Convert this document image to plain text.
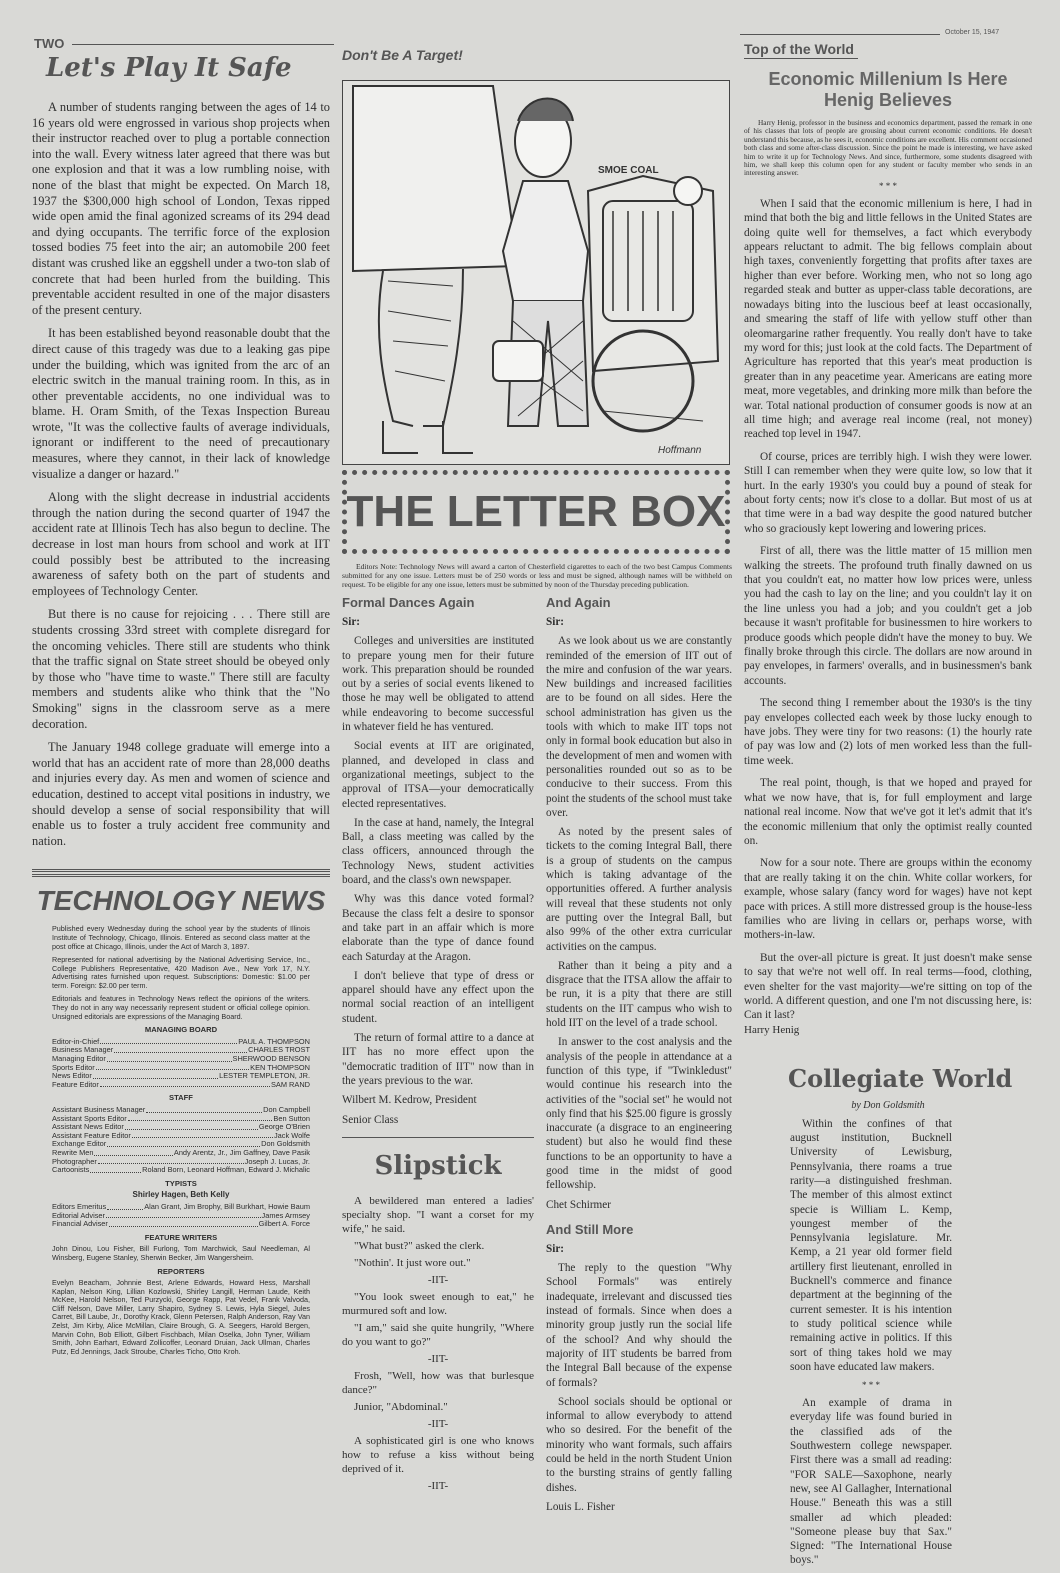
TWO
October 15, 1947
Let's Play It Safe

A number of students ranging between the ages of 14 to 16 years old were engrossed in various shop projects when their instructor reached over to plug a portable connection into the wall. Every witness later agreed that there was but one explosion and that it was a low rumbling noise, with none of the blast that might be expected. On March 18, 1937 the $300,000 high school of London, Texas ripped wide open amid the final agonized screams of its 294 dead and dying occupants. The terrific force of the explosion tossed bodies 75 feet into the air; an automobile 200 feet distant was crushed like an eggshell under a two-ton slab of concrete that had been hurled from the building. This preventable accident resulted in one of the major disasters of the present century.

It has been established beyond reasonable doubt that the direct cause of this tragedy was due to a leaking gas pipe under the building, which was ignited from the arc of an electric switch in the manual training room. In this, as in other preventable accidents, no one individual was to blame. H. Oram Smith, of the Texas Inspection Bureau wrote, "It was the collective faults of average individuals, ignorant or indifferent to the need of precautionary measures, where they cannot, in their lack of knowledge visualize a danger or hazard."

Along with the slight decrease in industrial accidents through the nation during the second quarter of 1947 the accident rate at Illinois Tech has also begun to decline. The decrease in lost man hours from school and work at IIT could possibly best be attributed to the increasing awareness of safety both on the part of students and employees of Technology Center.

But there is no cause for rejoicing . . . There still are students crossing 33rd street with complete disregard for the oncoming vehicles. There still are students who think that the traffic signal on State street should be obeyed only by those who "have time to waste." There still are faculty members and students alike who think that the "No Smoking" signs in the classroom serve as a mere decoration.

The January 1948 college graduate will emerge into a world that has an accident rate of more than 28,000 deaths and injuries every day. As men and women of science and education, destined to accept vital positions in industry, we should develop a sense of social responsibility that will enable us to foster a truly accident free community and nation.

TECHNOLOGY NEWS

Published every Wednesday during the school year by the students of Illinois Institute of Technology, Chicago, Illinois. Entered as second class matter at the post office at Chicago, Illinois, under the Act of March 3, 1897.

Represented for national advertising by the National Advertising Service, Inc., College Publishers Representative, 420 Madison Ave., New York 17, N.Y. Advertising rates furnished upon request. Subscriptions: Domestic: $1.00 per term. Foreign: $2.00 per term.

Editorials and features in Technology News reflect the opinions of the writers. They do not in any way necessarily represent student or official college opinion. Unsigned editorials are expressions of the Managing Board.

MANAGING BOARD
Editor-in-Chief	PAUL A. THOMPSON
Business Manager	CHARLES TROST
Managing Editor	SHERWOOD BENSON
Sports Editor	KEN THOMPSON
News Editor	LESTER TEMPLETON, JR.
Feature Editor	SAM RAND
STAFF
Assistant Business Manager	Don Campbell
Assistant Sports Editor	Ben Sutton
Assistant News Editor	George O'Brien
Assistant Feature Editor	Jack Wolfe
Exchange Editor	Don Goldsmith
Rewrite Men	Andy Arentz, Jr., Jim Gaffney, Dave Pasik
Photographer	Joseph J. Lucas, Jr.
Cartoonists	Roland Born, Leonard Hoffman, Edward J. Michalic
TYPISTS
Shirley Hagen, Beth Kelly
Editors Emeritus	Alan Grant, Jim Brophy, Bill Burkhart, Howie Baum
Editorial Adviser	James Armsey
Financial Adviser	Gilbert A. Force
FEATURE WRITERS

John Dinou, Lou Fisher, Bill Furlong, Tom Marchwick, Saul Needleman, Al Winsberg, Eugene Stanley, Sherwin Becker, Jim Wangersheim.

REPORTERS

Evelyn Beacham, Johnnie Best, Arlene Edwards, Howard Hess, Marshall Kaplan, Nelson King, Lillian Kozlowski, Shirley Langill, Herman Laude, Keith McKee, Harold Nelson, Ted Purzycki, George Rapp, Pat Vedel, Frank Valvoda, Cliff Nelson, Dave Miller, Larry Shapiro, Sydney S. Lewis, Hyla Siegel, Jules Carret, Bill Laube, Jr., Dorothy Krack, Glenn Petersen, Ralph Anderson, Ray Van Zelst, Jim Kirby, Alice McMillan, Claire Brough, G. A. Seegers, Harold Bergen, Marvin Cohn, Bob Elliott, Gilbert Fischbach, Milan Oselka, John Tyner, William Smith, John Earhart, Edward Zollicoffer, Leonard Druian, Jack Ullman, Charles Putz, Ed Jennings, Jack Stroube, Charles Ticho, Otto Kroh.

Don't Be A Target!
SMOE COAL
Hoffmann
THE LETTER BOX
Editors Note: Technology News will award a carton of Chesterfield cigarettes to each of the two best Campus Comments submitted for any one issue. Letters must be of 250 words or less and must be signed, although names will be withheld on request. To be eligible for any one issue, letters must be submitted by noon of the Thursday preceding publication.
Formal Dances Again

Sir:

Colleges and universities are instituted to prepare young men for their future work. This preparation should be rounded out by a series of social events likened to those he may well be obligated to attend while endeavoring to become successful in whatever field he has ventured.

Social events at IIT are originated, planned, and developed in class and organizational meetings, subject to the approval of ITSA—your democratically elected representatives.

In the case at hand, namely, the Integral Ball, a class meeting was called by the class officers, announced through the Technology News, student activities board, and the class's own newspaper.

Why was this dance voted formal? Because the class felt a desire to sponsor and take part in an affair which is more elaborate than the type of dance found each Saturday at the Aragon.

I don't believe that type of dress or apparel should have any effect upon the normal social reaction of an intelligent student.

The return of formal attire to a dance at IIT has no more effect upon the "democratic tradition of IIT" now than in the years previous to the war.

Wilbert M. Kedrow, President

Senior Class

Slipstick

A bewildered man entered a ladies' specialty shop. "I want a corset for my wife," he said.

"What bust?" asked the clerk.

"Nothin'. It just wore out."

-IIT-

"You look sweet enough to eat," he murmured soft and low.

"I am," said she quite hungrily, "Where do you want to go?"

-IIT-

Frosh, "Well, how was that burlesque dance?"

Junior, "Abdominal."

-IIT-

A sophisticated girl is one who knows how to refuse a kiss without being deprived of it.

-IIT-

And Again

Sir:

As we look about us we are constantly reminded of the emersion of IIT out of the mire and confusion of the war years. New buildings and increased facilities are to be found on all sides. Here the school administration has given us the tools with which to make IIT tops not only in formal book education but also in the development of men and women with personalities rounded out so as to be conducive to their success. From this point the students of the school must take over.

As noted by the present sales of tickets to the coming Integral Ball, there is a group of students on the campus which is taking advantage of the opportunities offered. A further analysis will reveal that these students not only are putting over the Integral Ball, but also 99% of the other extra curricular activities on the campus.

Rather than it being a pity and a disgrace that the ITSA allow the affair to be run, it is a pity that there are still students on the IIT campus who wish to hold IIT on the level of a trade school.

In answer to the cost analysis and the analysis of the people in attendance at a function of this type, if "Twinkledust" would continue his research into the activities of the "social set" he would not only find that his $25.00 figure is grossly inaccurate (a disgrace to an engineering student) but also he would find these functions to be an opportunity to have a good time in the midst of good fellowship.

Chet Schirmer

And Still More

Sir:

The reply to the question "Why School Formals" was entirely inadequate, irrelevant and discussed ties instead of formals. Since when does a minority group justly run the social life of the school? And why should the majority of IIT students be barred from the Integral Ball because of the expense of formals?

School socials should be optional or informal to allow everybody to attend who so desired. For the benefit of the minority who want formals, such affairs could be held in the north Student Union to the bursting strains of gently falling dishes.

Louis L. Fisher

Top of the World
Economic Millenium Is Here
Henig Believes
Harry Henig, professor in the business and economics department, passed the remark in one of his classes that lots of people are grousing about current economic conditions. He doesn't understand this because, as he sees it, economic conditions are excellent. His comment occasioned both class and some after-class discussion. Since the point he made is interesting, we have asked him to write it up for Technology News. And since, furthermore, some students disagreed with him, we shall keep this column open for any student or faculty member who sends in an interesting answer.
* * *

When I said that the economic millenium is here, I had in mind that both the big and little fellows in the United States are doing quite well for themselves, a fact which everybody appears reluctant to admit. The big fellows complain about high taxes, conveniently forgetting that profits after taxes are higher than ever before. Working men, who not so long ago regarded steak and butter as upper-class table decorations, are nowadays biting into the luscious beef at least occasionally, and smearing the staff of life with yellow stuff other than oleomargarine rather frequently. You really don't have to take my word for this; just look at the cold facts. The Department of Agriculture has reported that this year's meat production is greater than in any peacetime year. Americans are eating more meat, more vegetables, and drinking more milk than before the war. Total national production of consumer goods is now at an all time high; and average real income (real, not money) reached top level in 1947.

Of course, prices are terribly high. I wish they were lower. Still I can remember when they were quite low, so low that it hurt. In the early 1930's you could buy a pound of steak for about forty cents; now it's close to a dollar. But most of us at that time were in a bad way despite the good natured butcher who so graciously kept lowering and lowering prices.

First of all, there was the little matter of 15 million men walking the streets. The profound truth finally dawned on us that you couldn't eat, no matter how low prices were, unless you had the cash to lay on the line; and you couldn't lay it on the line unless you had a job; and you couldn't get a job because it wasn't profitable for businessmen to hire workers to produce goods which people didn't have the money to buy. We finally broke through this circle. The dollars are now around in pay envelopes, in farmers' overalls, and in businessmen's bank accounts.

The second thing I remember about the 1930's is the tiny pay envelopes collected each week by those lucky enough to have jobs. They were tiny for two reasons: (1) the hourly rate of pay was low and (2) lots of men worked less than the full-time week.

The real point, though, is that we hoped and prayed for what we now have, that is, for full employment and large national real income. Now that we've got it let's admit that it's the economic millenium that only the optimist really counted on.

Now for a sour note. There are groups within the economy that are really taking it on the chin. White collar workers, for example, whose salary (fancy word for wages) have not kept pace with prices. A still more distressed group is the house-less families who are living in cellars or, perhaps worse, with mothers-in-law.

But the over-all picture is great. It just doesn't make sense to say that we're not well off. In real terms—food, clothing, even shelter for the vast majority—we're sitting on top of the world. A different question, and one I'm not discussing here, is: Can it last?

Harry Henig

Collegiate World
by Don Goldsmith

Within the confines of that august institution, Bucknell University of Lewisburg, Pennsylvania, there roams a true rarity—a distinguished freshman. The member of this almost extinct specie is William L. Kemp, youngest member of the Pennsylvania legislature. Mr. Kemp, a 21 year old former field artillery first lieutenant, enrolled in Bucknell's commerce and finance department at the beginning of the current semester. It is his intention to study political science while remaining active in politics. If this sort of thing takes hold we may soon have educated law makers.

* * *

An example of drama in everyday life was found buried in the classified ads of the Southwestern college newspaper. First there was a small ad reading: "FOR SALE—Saxophone, nearly new, see Al Gallagher, International House." Beneath this was a still smaller ad which pleaded: "Someone please buy that Sax." Signed: "The International House boys."
